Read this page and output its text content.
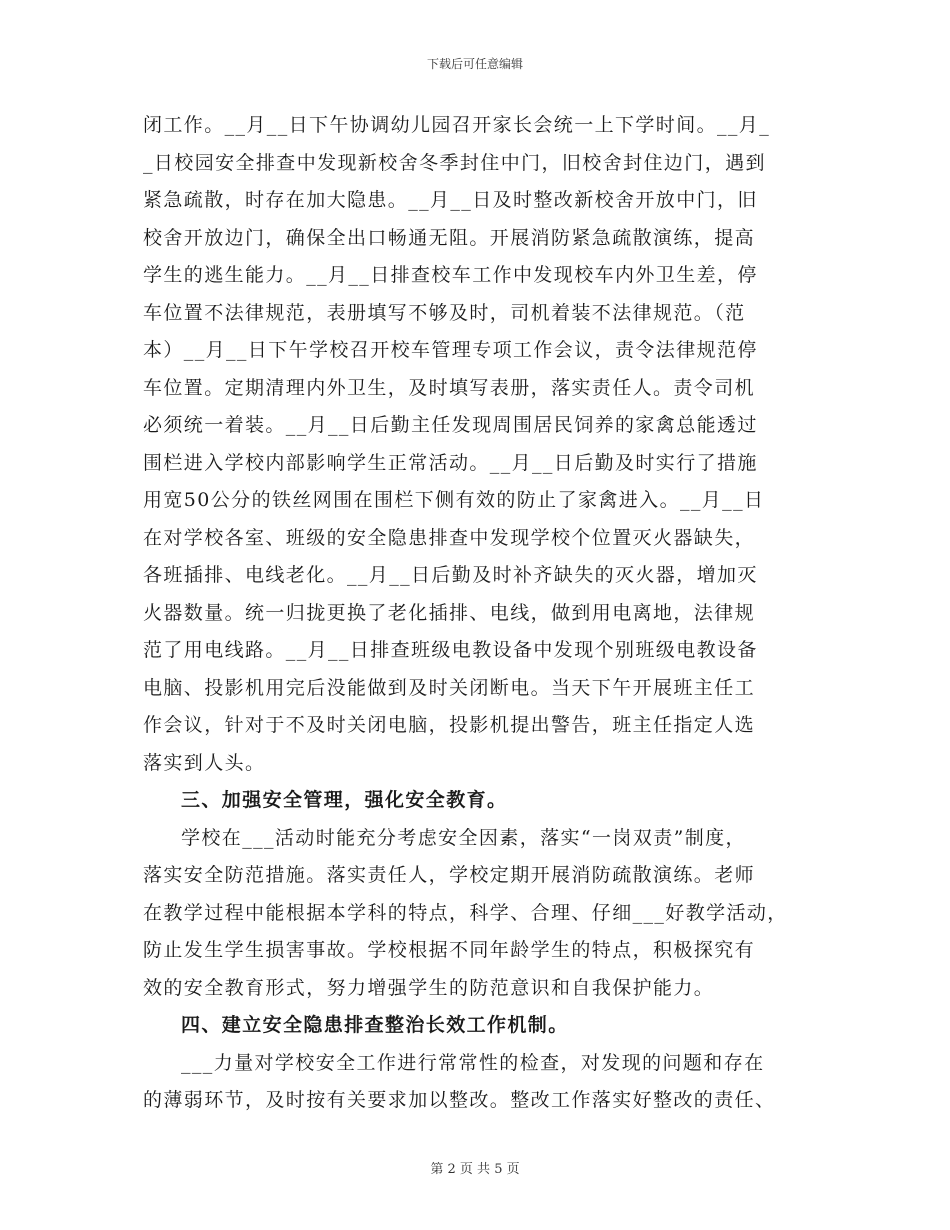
下载后可任意编辑
闭工作。__月__日下午协调幼儿园召开家长会统一上下学时间。__月_
_日校园安全排查中发现新校舍冬季封住中门，旧校舍封住边门，遇到
紧急疏散，时存在加大隐患。__月__日及时整改新校舍开放中门，旧
校舍开放边门，确保全出口畅通无阻。开展消防紧急疏散演练，提高
学生的逃生能力。__月__日排查校车工作中发现校车内外卫生差，停
车位置不法律规范，表册填写不够及时，司机着装不法律规范。（范
本）__月__日下午学校召开校车管理专项工作会议，责令法律规范停
车位置。定期清理内外卫生，及时填写表册，落实责任人。责令司机
必须统一着装。__月__日后勤主任发现周围居民饲养的家禽总能透过
围栏进入学校内部影响学生正常活动。__月__日后勤及时实行了措施
用宽50公分的铁丝网围在围栏下侧有效的防止了家禽进入。__月__日
在对学校各室、班级的安全隐患排查中发现学校个位置灭火器缺失，
各班插排、电线老化。__月__日后勤及时补齐缺失的灭火器，增加灭
火器数量。统一归拢更换了老化插排、电线，做到用电离地，法律规
范了用电线路。__月__日排查班级电教设备中发现个别班级电教设备
电脑、投影机用完后没能做到及时关闭断电。当天下午开展班主任工
作会议，针对于不及时关闭电脑，投影机提出警告，班主任指定人选
落实到人头。
三、加强安全管理，强化安全教育。
学校在___活动时能充分考虑安全因素，落实“一岗双责”制度，
落实安全防范措施。落实责任人，学校定期开展消防疏散演练。老师
在教学过程中能根据本学科的特点，科学、合理、仔细___好教学活动，
防止发生学生损害事故。学校根据不同年龄学生的特点，积极探究有
效的安全教育形式，努力增强学生的防范意识和自我保护能力。
四、建立安全隐患排查整治长效工作机制。
___力量对学校安全工作进行常常性的检查，对发现的问题和存在
的薄弱环节，及时按有关要求加以整改。整改工作落实好整改的责任、
第 2 页 共 5 页
